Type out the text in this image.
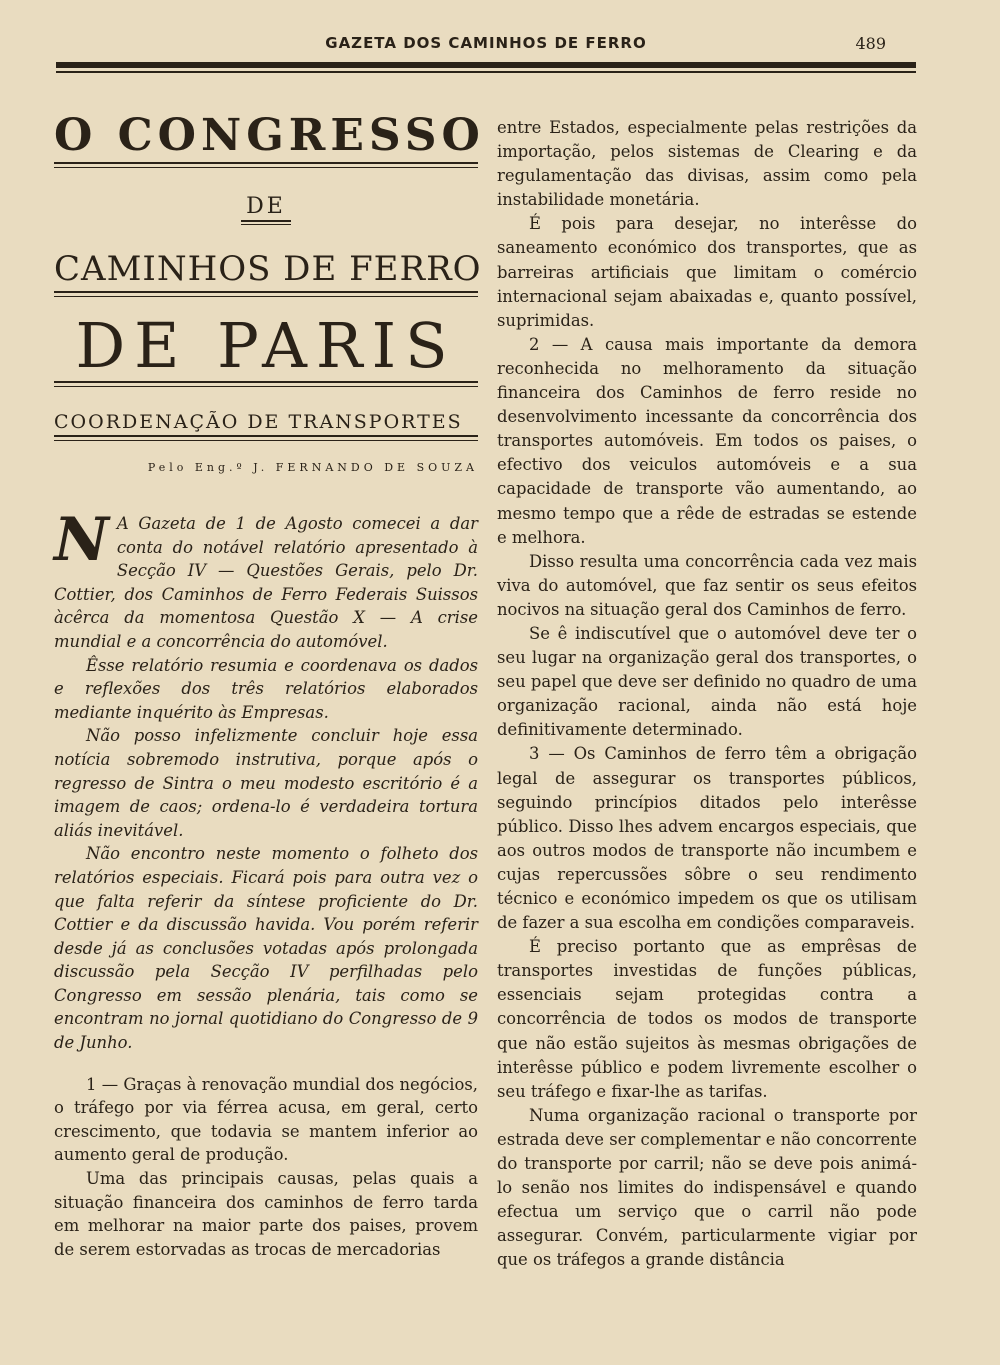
GAZETA DOS CAMINHOS DE FERRO	489
O CONGRESSO
DE
CAMINHOS DE FERRO
DE PARIS
COORDENAÇÃO DE TRANSPORTES
Pelo Eng.º J. FERNANDO DE SOUZA

N A Gazeta de 1 de Agosto comecei a dar conta do notável relatório apresentado à Secção IV — Questões Gerais, pelo Dr. Cottier, dos Caminhos de Ferro Federais Suissos àcêrca da momentosa Questão X — A crise mundial e a concorrência do automóvel.

Êsse relatório resumia e coordenava os dados e reflexões dos três relatórios elaborados mediante inquérito às Empresas.

Não posso infelizmente concluir hoje essa notícia sobremodo instrutiva, porque após o regresso de Sintra o meu modesto escritório é a imagem de caos; ordena-lo é verdadeira tortura aliás inevitável.

Não encontro neste momento o folheto dos relatórios especiais. Ficará pois para outra vez o que falta referir da síntese proficiente do Dr. Cottier e da discussão havida. Vou porém referir desde já as conclusões votadas após prolongada discussão pela Secção IV perfilhadas pelo Congresso em sessão plenária, tais como se encontram no jornal quotidiano do Congresso de 9 de Junho.

1 — Graças à renovação mundial dos negócios, o tráfego por via férrea acusa, em geral, certo crescimento, que todavia se mantem inferior ao aumento geral de produção.

Uma das principais causas, pelas quais a situação financeira dos caminhos de ferro tarda em melhorar na maior parte dos paises, provem de serem estorvadas as trocas de mercadorias

entre Estados, especialmente pelas restrições da importação, pelos sistemas de Clearing e da regulamentação das divisas, assim como pela instabilidade monetária.

É pois para desejar, no interêsse do saneamento económico dos transportes, que as barreiras artificiais que limitam o comércio internacional sejam abaixadas e, quanto possível, suprimidas.

2 — A causa mais importante da demora reconhecida no melhoramento da situação financeira dos Caminhos de ferro reside no desenvolvimento incessante da concorrência dos transportes automóveis. Em todos os paises, o efectivo dos veiculos automóveis e a sua capacidade de transporte vão aumentando, ao mesmo tempo que a rêde de estradas se estende e melhora.

Disso resulta uma concorrência cada vez mais viva do automóvel, que faz sentir os seus efeitos nocivos na situação geral dos Caminhos de ferro.

Se ê indiscutível que o automóvel deve ter o seu lugar na organização geral dos transportes, o seu papel que deve ser definido no quadro de uma organização racional, ainda não está hoje definitivamente determinado.

3 — Os Caminhos de ferro têm a obrigação legal de assegurar os transportes públicos, seguindo princípios ditados pelo interêsse público. Disso lhes advem encargos especiais, que aos outros modos de transporte não incumbem e cujas repercussões sôbre o seu rendimento técnico e económico impedem os que os utilisam de fazer a sua escolha em condições comparaveis.

É preciso portanto que as emprêsas de transportes investidas de funções públicas, essenciais sejam protegidas contra a concorrência de todos os modos de transporte que não estão sujeitos às mesmas obrigações de interêsse público e podem livremente escolher o seu tráfego e fixar-lhe as tarifas.

Numa organização racional o transporte por estrada deve ser complementar e não concorrente do transporte por carril; não se deve pois animá-lo senão nos limites do indispensável e quando efectua um serviço que o carril não pode assegurar. Convém, particularmente vigiar por que os tráfegos a grande distância
